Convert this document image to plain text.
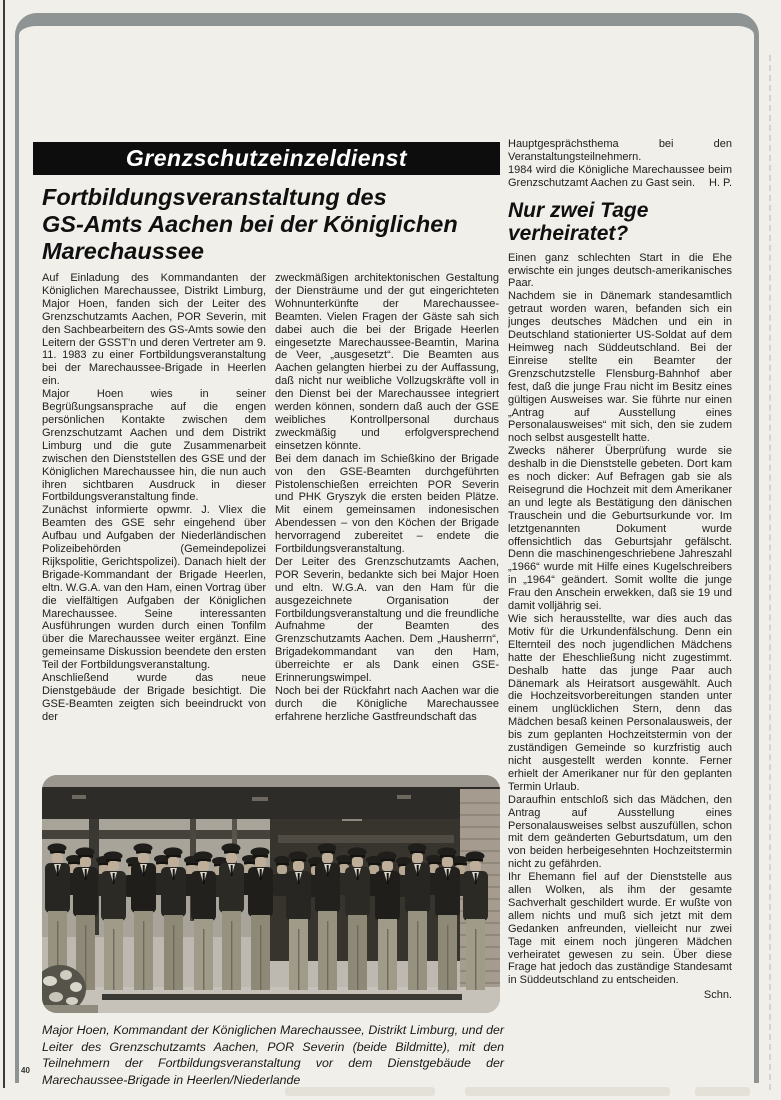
Grenzschutzeinzeldienst
Fortbildungsveranstaltung des
GS-Amts Aachen bei der Königlichen
Marechaussee

Auf Einladung des Kommandanten der Königlichen Marechaussee, Distrikt Limburg, Major Hoen, fanden sich der Leiter des Grenzschutzamts Aachen, POR Severin, mit den Sachbearbeitern des GS-Amts sowie den Leitern der GSST'n und deren Vertreter am 9. 11. 1983 zu einer Fortbildungsveranstaltung bei der Marechaussee-Brigade in Heerlen ein.

Major Hoen wies in seiner Begrüßungsansprache auf die engen persönlichen Kontakte zwischen dem Grenzschutzamt Aachen und dem Distrikt Limburg und die gute Zusammenarbeit zwischen den Dienststellen des GSE und der Königlichen Marechaussee hin, die nun auch ihren sichtbaren Ausdruck in dieser Fortbildungsveranstaltung finde.

Zunächst informierte opwmr. J. Vliex die Beamten des GSE sehr eingehend über Aufbau und Aufgaben der Niederländischen Polizeibehörden (Gemeindepolizei Rijkspolitie, Gerichtspolizei). Danach hielt der Brigade-Kommandant der Brigade Heerlen, eltn. W.G.A. van den Ham, einen Vortrag über die vielfältigen Aufgaben der Königlichen Marechaussee. Seine interessanten Ausführungen wurden durch einen Tonfilm über die Marechaussee weiter ergänzt. Eine gemeinsame Diskussion beendete den ersten Teil der Fortbildungsveranstaltung.

Anschließend wurde das neue Dienstgebäude der Brigade besichtigt. Die GSE-Beamten zeigten sich beeindruckt von der

zweckmäßigen architektonischen Gestaltung der Diensträume und der gut eingerichteten Wohnunterkünfte der Marechaussee-Beamten. Vielen Fragen der Gäste sah sich dabei auch die bei der Brigade Heerlen eingesetzte Marechaussee-Beamtin, Marina de Veer, „ausgesetzt“. Die Beamten aus Aachen gelangten hierbei zu der Auffassung, daß nicht nur weibliche Vollzugskräfte voll in den Dienst bei der Marechaussee integriert werden können, sondern daß auch der GSE weibliches Kontrollpersonal durchaus zweckmäßig und erfolgversprechend einsetzen könnte.

Bei dem danach im Schießkino der Brigade von den GSE-Beamten durchgeführten Pistolenschießen erreichten POR Severin und PHK Gryszyk die ersten beiden Plätze. Mit einem gemeinsamen indonesischen Abendessen – von den Köchen der Brigade hervorragend zubereitet – endete die Fortbildungsveranstaltung.

Der Leiter des Grenzschutzamts Aachen, POR Severin, bedankte sich bei Major Hoen und eltn. W.G.A. van den Ham für die ausgezeichnete Organisation der Fortbildungsveranstaltung und die freundliche Aufnahme der Beamten des Grenzschutzamts Aachen. Dem „Hausherrn“, Brigadekommandant van den Ham, überreichte er als Dank einen GSE-Erinnerungswimpel.

Noch bei der Rückfahrt nach Aachen war die durch die Königliche Marechaussee erfahrene herzliche Gastfreundschaft das

Hauptgesprächsthema bei den Veranstaltungsteilnehmern.

1984 wird die Königliche Marechaussee beim Grenzschutzamt Aachen zu Gast sein. H. P.

Nur zwei Tage
verheiratet?

Einen ganz schlechten Start in die Ehe erwischte ein junges deutsch-amerikanisches Paar.

Nachdem sie in Dänemark standesamtlich getraut worden waren, befanden sich ein junges deutsches Mädchen und ein in Deutschland stationierter US-Soldat auf dem Heimweg nach Süddeutschland. Bei der Einreise stellte ein Beamter der Grenzschutzstelle Flensburg-Bahnhof aber fest, daß die junge Frau nicht im Besitz eines gültigen Ausweises war. Sie führte nur einen „Antrag auf Ausstellung eines Personalausweises“ mit sich, den sie zudem noch selbst ausgestellt hatte.

Zwecks näherer Überprüfung wurde sie deshalb in die Dienststelle gebeten. Dort kam es noch dicker: Auf Befragen gab sie als Reisegrund die Hochzeit mit dem Amerikaner an und legte als Bestätigung den dänischen Trauschein und die Geburtsurkunde vor. Im letztgenannten Dokument wurde offensichtlich das Geburtsjahr gefälscht. Denn die maschinengeschriebene Jahreszahl „1966“ wurde mit Hilfe eines Kugelschreibers in „1964“ geändert. Somit wollte die junge Frau den Anschein erwekken, daß sie 19 und damit volljährig sei.

Wie sich herausstellte, war dies auch das Motiv für die Urkundenfälschung. Denn ein Elternteil des noch jugendlichen Mädchens hatte der Eheschließung nicht zugestimmt. Deshalb hatte das junge Paar auch Dänemark als Heiratsort ausgewählt. Auch die Hochzeitsvorbereitungen standen unter einem unglücklichen Stern, denn das Mädchen besaß keinen Personalausweis, der bis zum geplanten Hochzeitstermin von der zuständigen Gemeinde so kurzfristig auch nicht ausgestellt werden konnte. Ferner erhielt der Amerikaner nur für den geplanten Termin Urlaub.

Daraufhin entschloß sich das Mädchen, den Antrag auf Ausstellung eines Personalausweises selbst auszufüllen, schon mit dem geänderten Geburtsdatum, um den von beiden herbeigesehnten Hochzeitstermin nicht zu gefährden.

Ihr Ehemann fiel auf der Dienststelle aus allen Wolken, als ihm der gesamte Sachverhalt geschildert wurde. Er wußte von allem nichts und muß sich jetzt mit dem Gedanken anfreunden, vielleicht nur zwei Tage mit einem noch jüngeren Mädchen verheiratet gewesen zu sein. Über diese Frage hat jedoch das zuständige Standesamt in Süddeutschland zu entscheiden.

Schn.

Major Hoen, Kommandant der Königlichen Marechaussee, Distrikt Limburg, und der Leiter des Grenzschutzamts Aachen, POR Severin (beide Bildmitte), mit den Teilnehmern der Fortbildungsveranstaltung vor dem Dienstgebäude der Marechaussee-Brigade in Heerlen/Niederlande
40
